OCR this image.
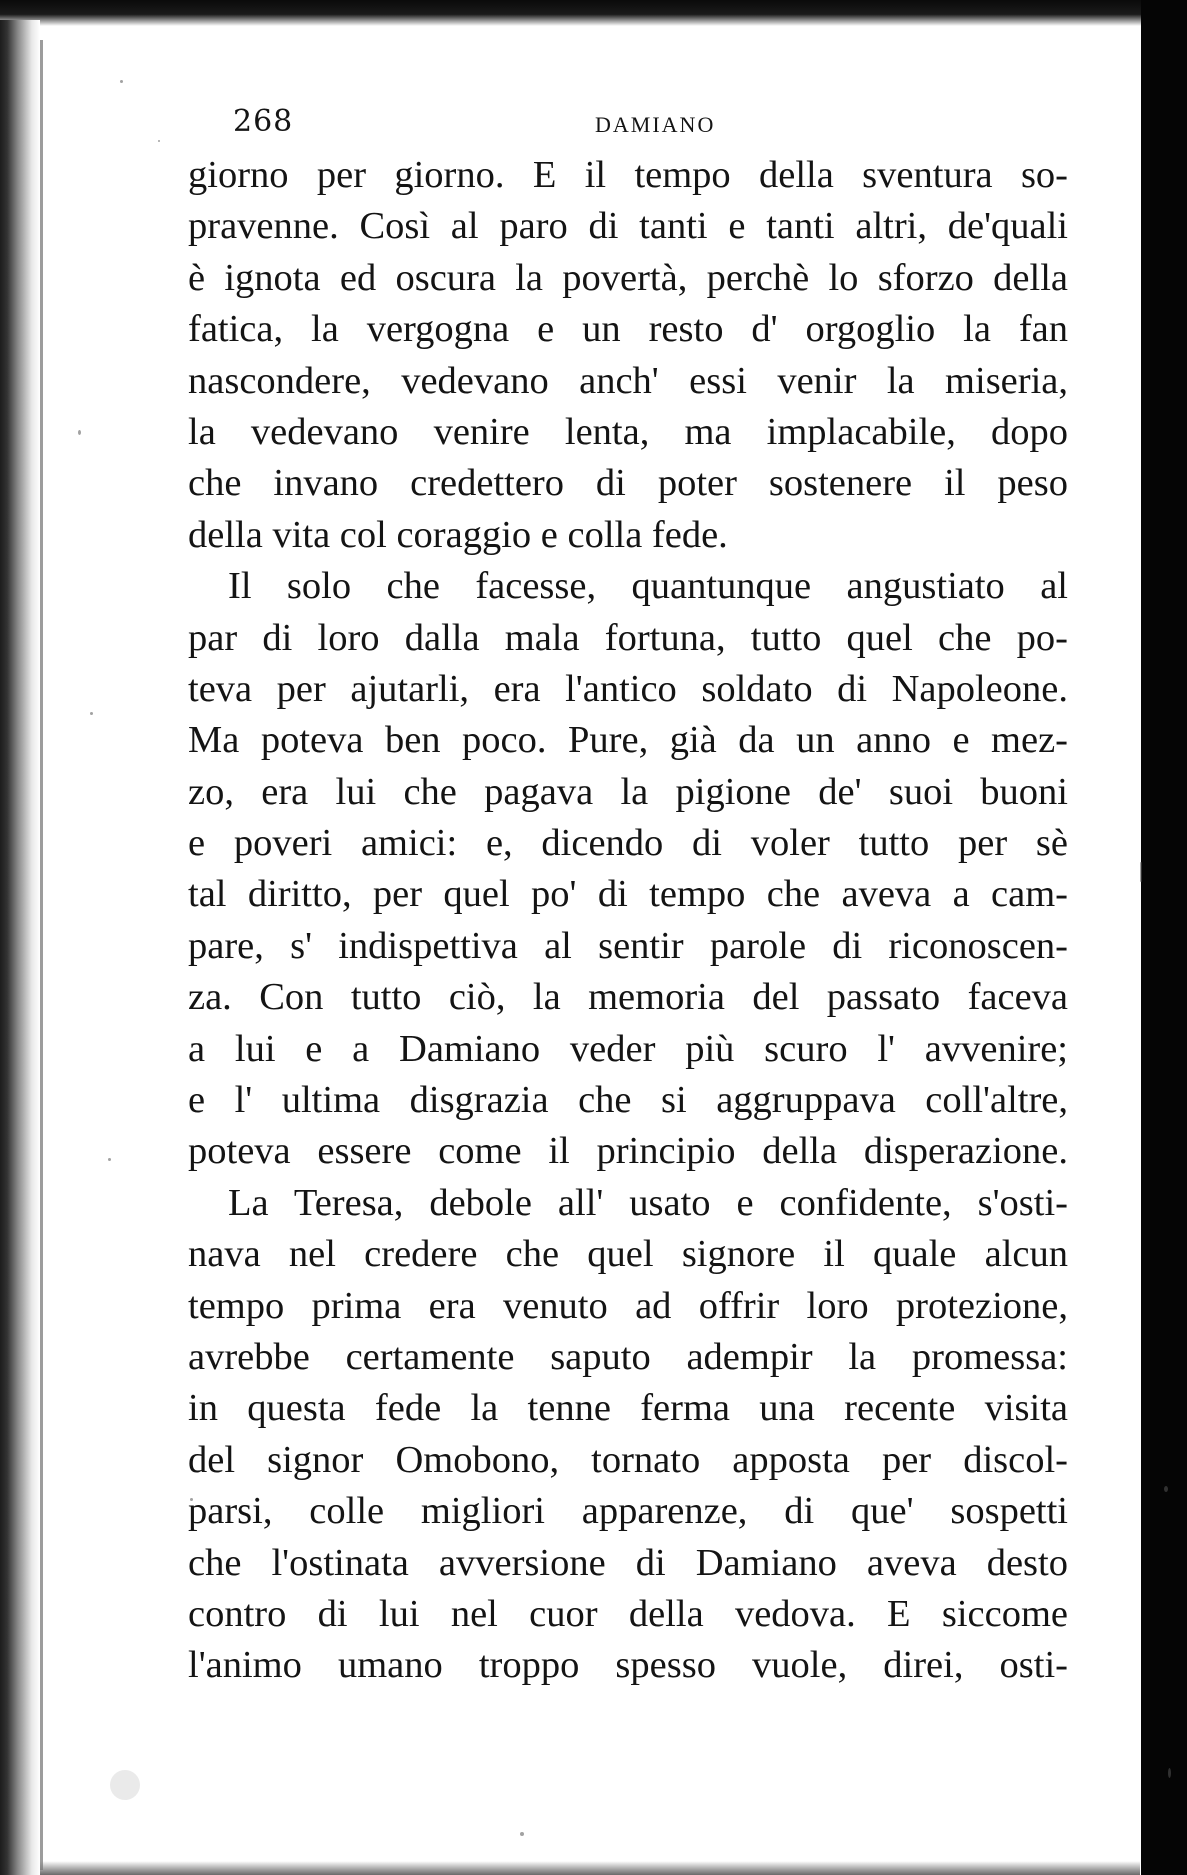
268	DAMIANO
giorno per giorno. E il tempo della sventura so-
pravenne. Così al paro di tanti e tanti altri, de'quali
è ignota ed oscura la povertà, perchè lo sforzo della
fatica, la vergogna e un resto d' orgoglio la fan
nascondere, vedevano anch' essi venir la miseria,
la vedevano venire lenta, ma implacabile, dopo
che invano credettero di poter sostenere il peso
della vita col coraggio e colla fede.
Il solo che facesse, quantunque angustiato al
par di loro dalla mala fortuna, tutto quel che po-
teva per ajutarli, era l'antico soldato di Napoleone.
Ma poteva ben poco. Pure, già da un anno e mez-
zo, era lui che pagava la pigione de' suoi buoni
e poveri amici: e, dicendo di voler tutto per sè
tal diritto, per quel po' di tempo che aveva a cam-
pare, s' indispettiva al sentir parole di riconoscen-
za. Con tutto ciò, la memoria del passato faceva
a lui e a Damiano veder più scuro l' avvenire;
e l' ultima disgrazia che si aggruppava coll'altre,
poteva essere come il principio della disperazione.
La Teresa, debole all' usato e confidente, s'osti-
nava nel credere che quel signore il quale alcun
tempo prima era venuto ad offrir loro protezione,
avrebbe certamente saputo adempir la promessa:
in questa fede la tenne ferma una recente visita
del signor Omobono, tornato apposta per discol-
parsi, colle migliori apparenze, di que' sospetti
che l'ostinata avversione di Damiano aveva desto
contro di lui nel cuor della vedova. E siccome
l'animo umano troppo spesso vuole, direi, osti-
